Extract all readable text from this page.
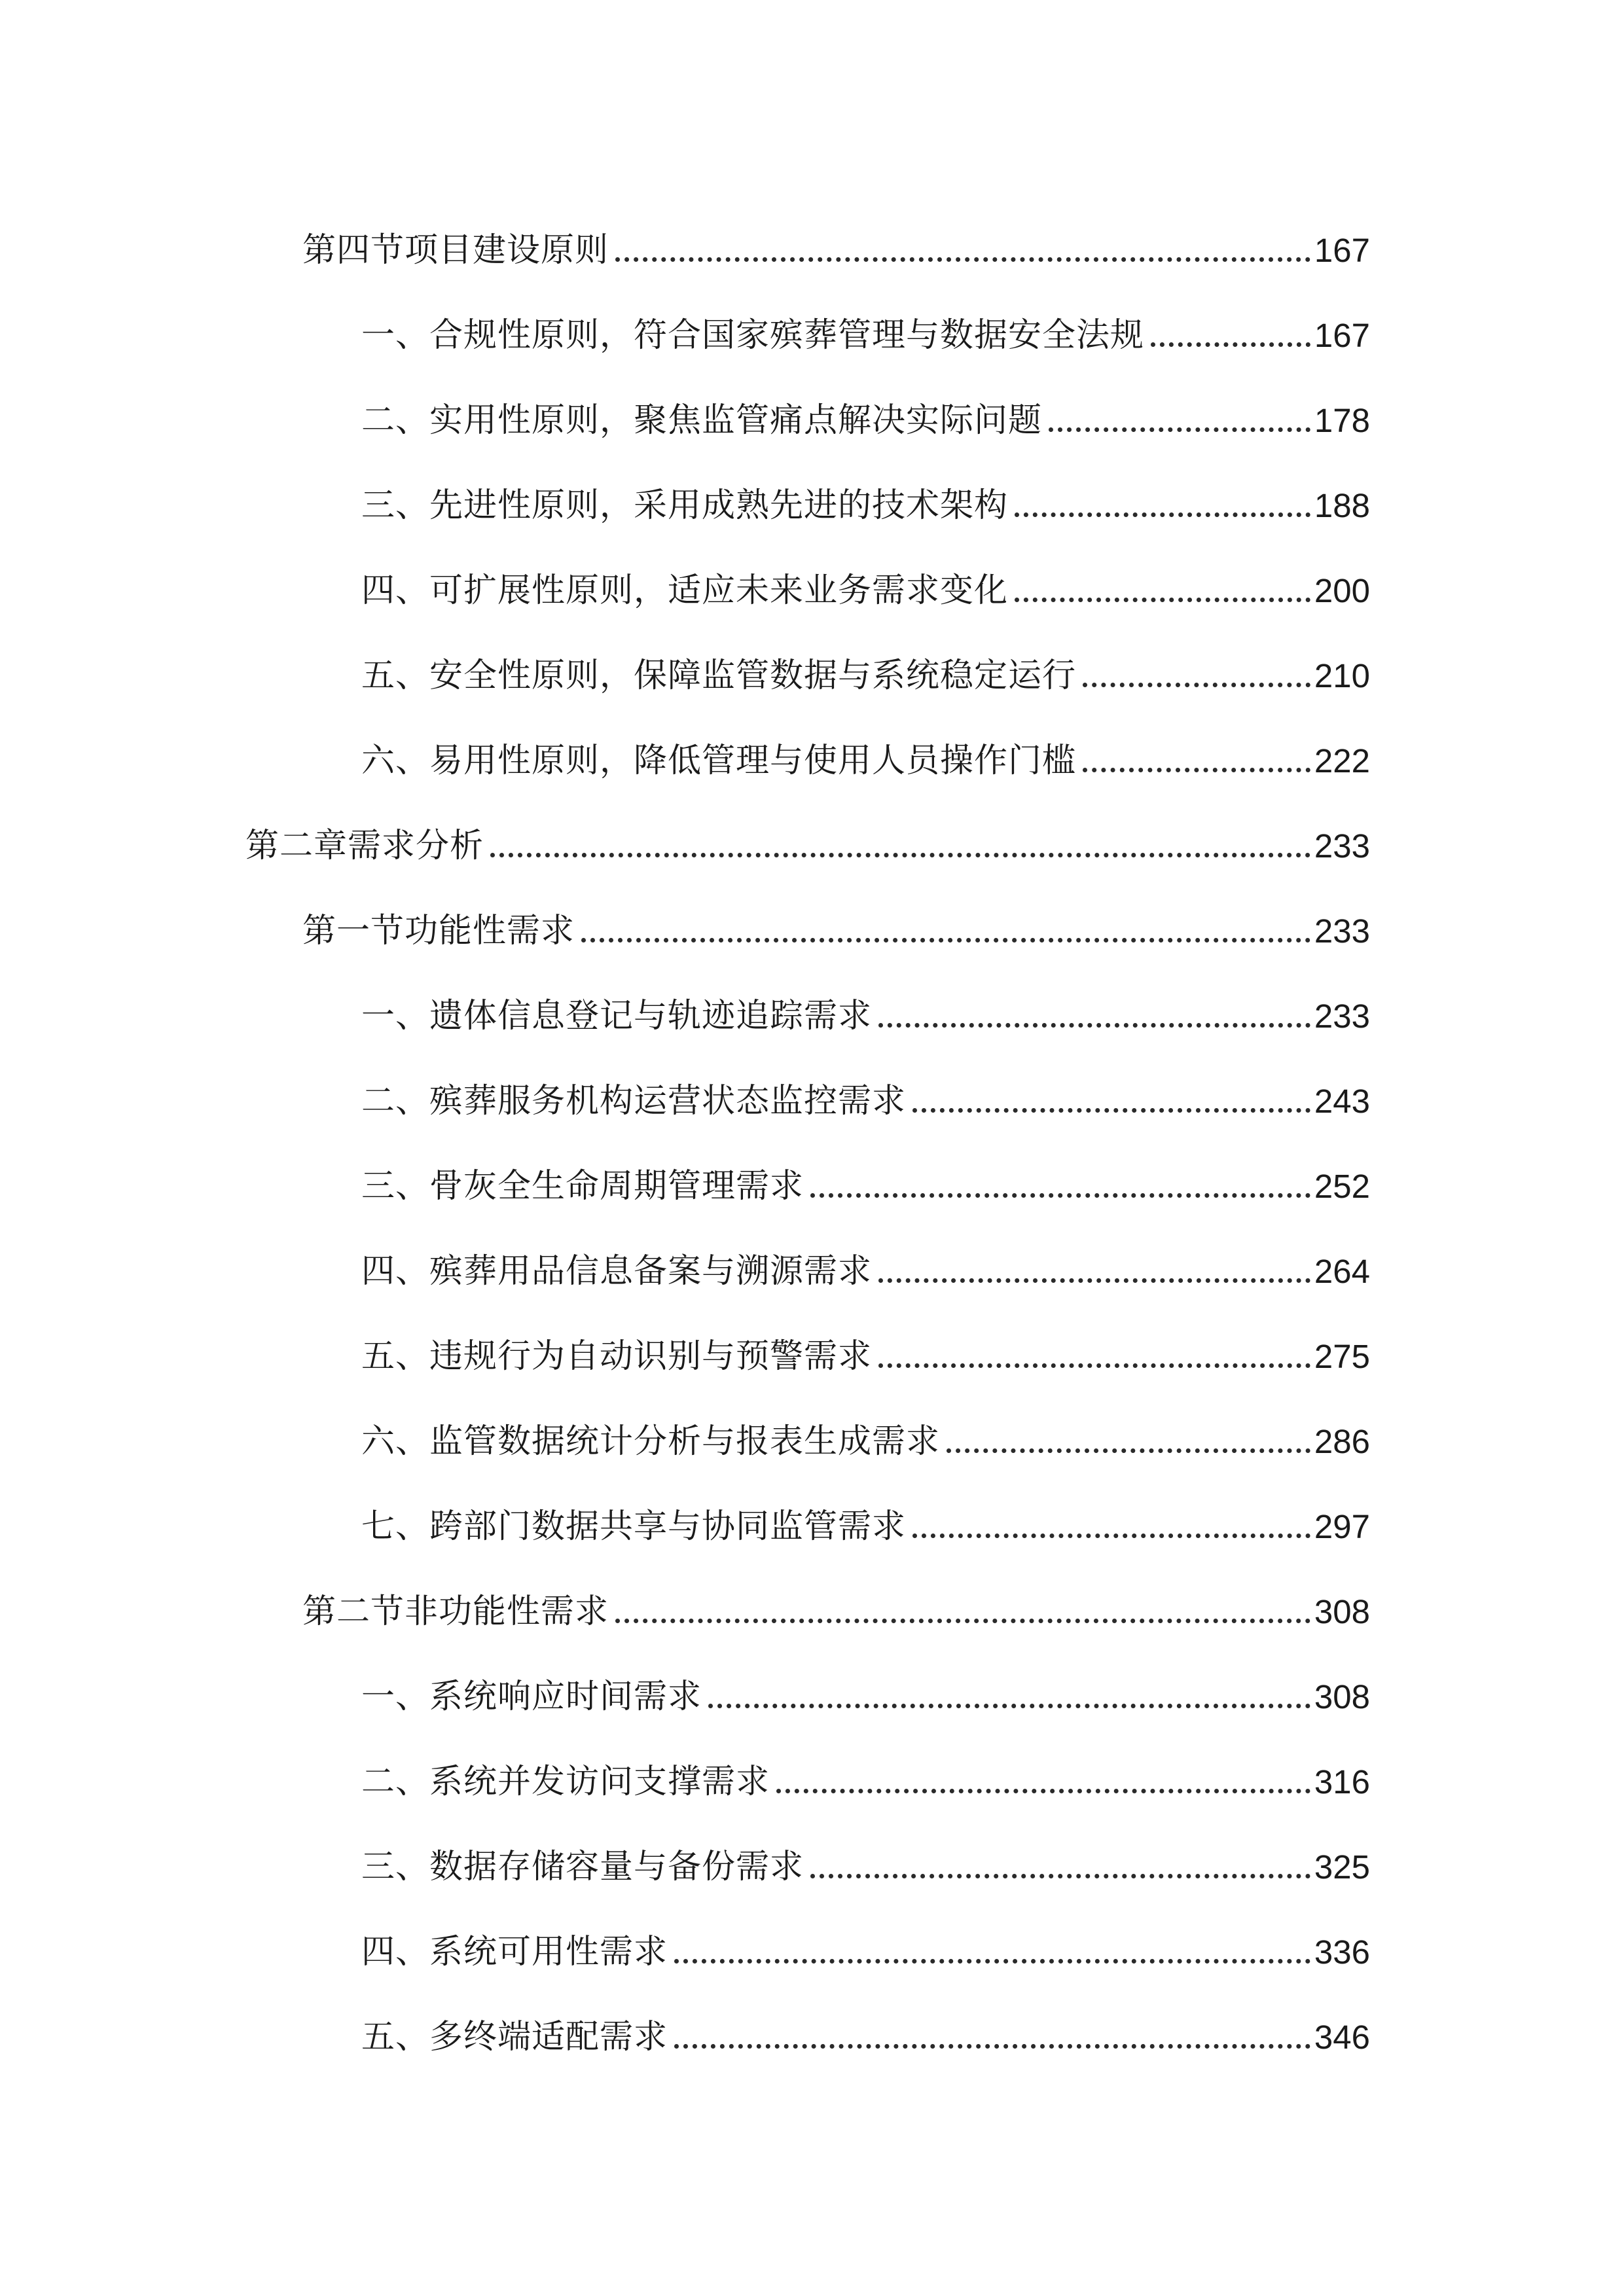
第四节项目建设原则	167
一、合规性原则，符合国家殡葬管理与数据安全法规	167
二、实用性原则，聚焦监管痛点解决实际问题	178
三、先进性原则，采用成熟先进的技术架构	188
四、可扩展性原则，适应未来业务需求变化	200
五、安全性原则，保障监管数据与系统稳定运行	210
六、易用性原则，降低管理与使用人员操作门槛	222
第二章需求分析	233
第一节功能性需求	233
一、遗体信息登记与轨迹追踪需求	233
二、殡葬服务机构运营状态监控需求	243
三、骨灰全生命周期管理需求	252
四、殡葬用品信息备案与溯源需求	264
五、违规行为自动识别与预警需求	275
六、监管数据统计分析与报表生成需求	286
七、跨部门数据共享与协同监管需求	297
第二节非功能性需求	308
一、系统响应时间需求	308
二、系统并发访问支撑需求	316
三、数据存储容量与备份需求	325
四、系统可用性需求	336
五、多终端适配需求	346
